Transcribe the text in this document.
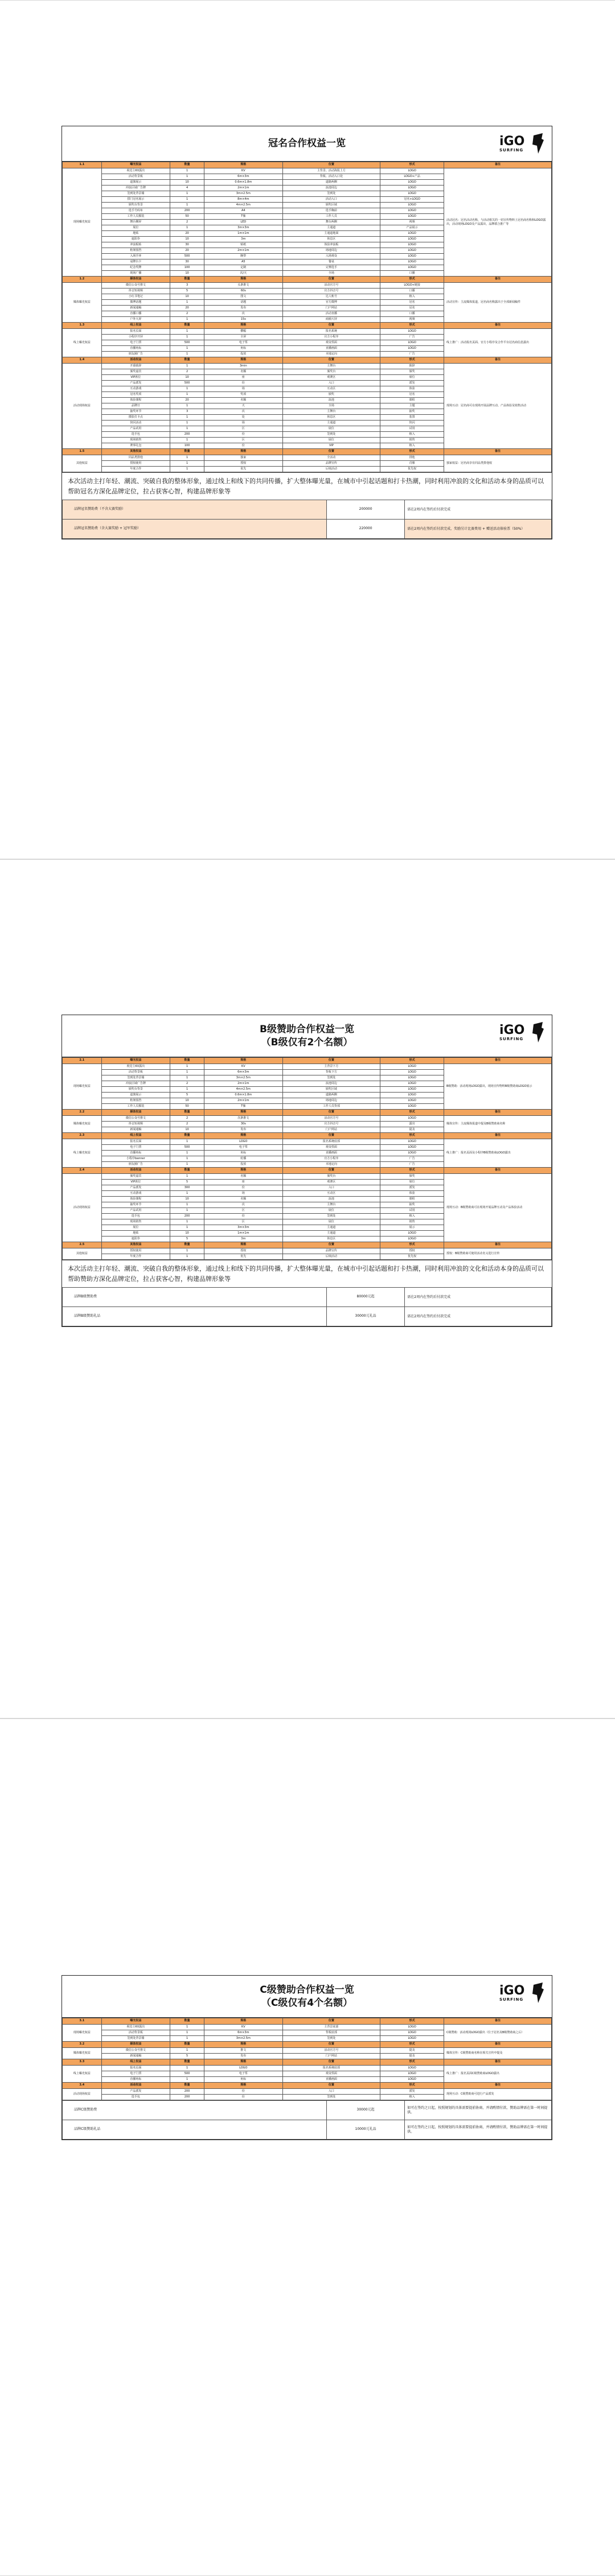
冠名合作权益一览	iGO
SURFING
1.1	曝光权益	数量	规格	位置	形式	备注
现场曝光权益	视觉主KV露出	1	KV	主背景、活动海报上方	LOGO	活动冠名：冠名活动名称，与活动相关的一切宣传物料上冠名商名称和LOGO露出，活动现场LOGO及产品露出，品牌联合推广等
	活动背景板	1	6m×3m	背板、活动入口处	LOGO+产品	
	道旗展示	10	0.6m×1.8m	道路两侧	LOGO	
	冲浪区域广告牌	4	2m×1m	浪池周边	LOGO	
	签到处背景墙	1	3m×2.5m	签到处	LOGO	
	拱门冠名展示	1	8m×4m	活动入口	冠名+LOGO	
	颁奖台背景	1	4m×2.5m	颁奖区域	LOGO	
	选手号码布	200	A4	选手胸前	LOGO	
	工作人员服装	50	T恤	工作人员	LOGO	
	舞台侧屏	2	LED	舞台两侧	视频	
	展位	1	3m×3m	主通道	产品展示	
	地贴	20	1m×1m	主通道地面	LOGO	
	遮阳伞	10	3m	休息区	LOGO	
	冲浪板贴	30	贴纸	体验冲浪板	LOGO	
	桁架围挡	20	2m×1m	场地周边	LOGO	
	入场手环	500	腕带	入场观众	LOGO	
	桌牌台卡	30	A5	餐桌	LOGO	
	纪念奖牌	100	定制	完赛选手	LOGO	
	现场广播	10	次/天	全场	口播	
1.2	媒体权益	数量	规格	位置	形式	备注
媒体曝光权益	微信公众号推文	3	头条推文	活动官方号	LOGO+链接	活动宣传：主流媒体报道，冠名商名称露出于全部新闻稿件
	抖音短视频	5	60s	官方抖音号	口播	
	小红书笔记	10	图文	达人账号	植入	
	微博话题	1	话题	官方微博	冠名	
	新闻通稿	20	发布	门户网站	冠名	
	直播口播	2	次	活动直播	口播	
	户外大屏	1	15s	商圈大屏	视频	
1.3	线上权益	数量	规格	位置	形式	备注
线上曝光权益	报名页面	1	横幅	报名系统	LOGO	线上推广：活动报名页面、官方小程序及合作平台冠名商信息露出
	小程序开屏	1	全屏	官方小程序	广告	
	电子门票	500	电子票	观众票面	LOGO	
	直播角标	1	角标	直播画面	LOGO	
	朋友圈广告	1	投放	本地定向	广告	
1.4	活动权益	数量	规格	位置	形式	备注
活动现场权益	开幕致辞	1	3min	主舞台	致辞	现场互动：冠名商可在现场开展品牌互动、产品体验及销售活动
	颁奖嘉宾	2	名额	颁奖台	颁奖	
	VIP席位	10	座	观赛区	席位	
	产品派发	500	份	入口	派发	
	互动游戏	1	场	互动区	体验	
	冠名奖项	1	奖项	颁奖	冠名	
	体验课程	20	名额	浪池	课程	
	品牌日	1	天	全场	主题	
	抽奖环节	3	次	主舞台	抽奖	
	摄影打卡点	1	处	休息区	装置	
	快闪活动	1	场	主通道	快闪	
	产品试用	1	区	展位	试用	
	选手包	200	份	签到处	植入	
	现场销售	1	区	展位	销售	
	赛事礼包	100	份	VIP	植入	
1.5	其他权益	数量	规格	位置	形式	备注
其他权益	同品类排他	1	独家	全活动	排他	独家权益：冠名商享有同品类排他权
	授权使用	1	授权	品牌宣传	肖像	
	年度合作	1	优先	后续活动	优先权	
本次活动主打年轻、潮流、突破自我的整体形象，通过线上和线下的共同传播，扩大整体曝光量，在城市中引起话题和打卡热潮，同时利用冲浪的文化和活动本身的品质可以帮助冠名方深化品牌定位，拉占获客心智，构建品牌形象等
品牌冠名赞助费（不含大赛奖励）	200000	需在2周内在签约后付款完成
品牌冠名赞助费（含大赛奖励 + 冠军奖励）	220000	需在2周内在签约后付款完成，奖励另计比赛费用 + 赠送活动体验票（50%）
B级赞助合作权益一览
（B级仅有2个名额）
iGO
SURFING
2.1	曝光权益	数量	规格	位置	形式	备注
现场曝光权益	视觉主KV露出	1	KV	主背景下方	LOGO	B级赞助：活动现场LOGO露出，现场宣传物料B级赞助商LOGO展示
	活动背景板	1	6m×3m	背板下方	LOGO	
	签到处背景墙	1	3m×2.5m	签到处	LOGO	
	冲浪区域广告牌	2	2m×1m	浪池周边	LOGO	
	颁奖台背景	1	4m×2.5m	颁奖区域	LOGO	
	道旗展示	5	0.6m×1.8m	道路两侧	LOGO	
	桁架围挡	10	2m×1m	场地周边	LOGO	
	工作人员服装	50	T恤	工作人员背部	LOGO	
2.2	媒体权益	数量	规格	位置	形式	备注
媒体曝光权益	微信公众号推文	2	次条推文	活动官方号	LOGO	媒体宣传：主流媒体报道中提及B级赞助商名称
	抖音短视频	2	30s	官方抖音号	露出	
	新闻通稿	10	发布	门户网站	提及	
2.3	线上权益	数量	规格	位置	形式	备注
线上曝光权益	报名页面	1	LOGO	报名系统底部	LOGO	线上推广：报名页面及小程序B级赞助商LOGO露出
	电子门票	500	电子票	观众票面	LOGO	
	直播角标	1	角标	直播画面	LOGO	
	小程序banner	1	轮播	官方小程序	广告	
	朋友圈广告	1	投放	本地定向	广告	
2.4	活动权益	数量	规格	位置	形式	备注
活动现场权益	颁奖嘉宾	1	名额	颁奖台	颁奖	现场互动：B级赞助商可在现场开展品牌互动及产品体验活动
	VIP席位	5	座	观赛区	席位	
	产品派发	300	份	入口	派发	
	互动游戏	1	场	互动区	体验	
	体验课程	10	名额	浪池	课程	
	抽奖环节	1	次	主舞台	抽奖	
	产品试用	1	区	展位	试用	
	选手包	200	份	签到处	植入	
	现场销售	1	区	展位	销售	
	展位	1	3m×3m	主通道	展示	
	地贴	10	1m×1m	主通道	LOGO	
	遮阳伞	5	3m	休息区	LOGO	
2.5	其他权益	数量	规格	位置	形式	备注
其他权益	授权使用	1	授权	品牌宣传	授权	授权：B级赞助商可使用活动名义进行宣传
	年度合作	1	优先	后续活动	优先权	
本次活动主打年轻、潮流、突破自我的整体形象，通过线上和线下的共同传播，扩大整体曝光量，在城市中引起话题和打卡热潮，同时利用冲浪的文化和活动本身的品质可以帮助赞助方深化品牌定位，拉占获客心智，构建品牌形象等
品牌B级赞助费	80000元起	需在2周内在签约后付款完成
品牌B级赞助礼品	30000元礼品	需在2周内在签约后付款完成
C级赞助合作权益一览
（C级仅有4个名额）
iGO
SURFING
3.1	曝光权益	数量	规格	位置	形式	备注
现场曝光权益	视觉主KV露出	1	KV	主背景底部	LOGO	C级赞助：活动现场LOGO露出（位于冠名及B级赞助商之后）
	活动背景板	1	6m×3m	背板底部	LOGO	
	签到处背景墙	1	3m×2.5m	签到处	LOGO	
3.2	媒体权益	数量	规格	位置	形式	备注
媒体曝光权益	微信公众号推文	1	推文	活动官方号	提及	媒体宣传：C级赞助商名称在相关宣传中提及
	新闻通稿	5	发布	门户网站	提及	
3.3	线上权益	数量	规格	位置	形式	备注
线上曝光权益	报名页面	1	LOGO	报名系统底部	LOGO	线上推广：报名页面C级赞助商LOGO露出
	电子门票	500	电子票	观众票面	LOGO	
	直播角标	1	角标	直播画面	LOGO	
3.4	活动权益	数量	规格	位置	形式	备注
活动现场权益	产品派发	200	份	入口	派发	现场互动：C级赞助商可进行产品派发
	选手包	200	份	签到处	植入	
品牌C级赞助费	30000元起	如可在签约之日起，按照规划的具体需要提前协商，并请酌情付款，赞助品牌需在第一时间提供。
品牌C级赞助礼品	10000元礼品	如可在签约之日起，按照规划的具体需要提前协商，并请酌情付款，赞助品牌需在第一时间提供。
